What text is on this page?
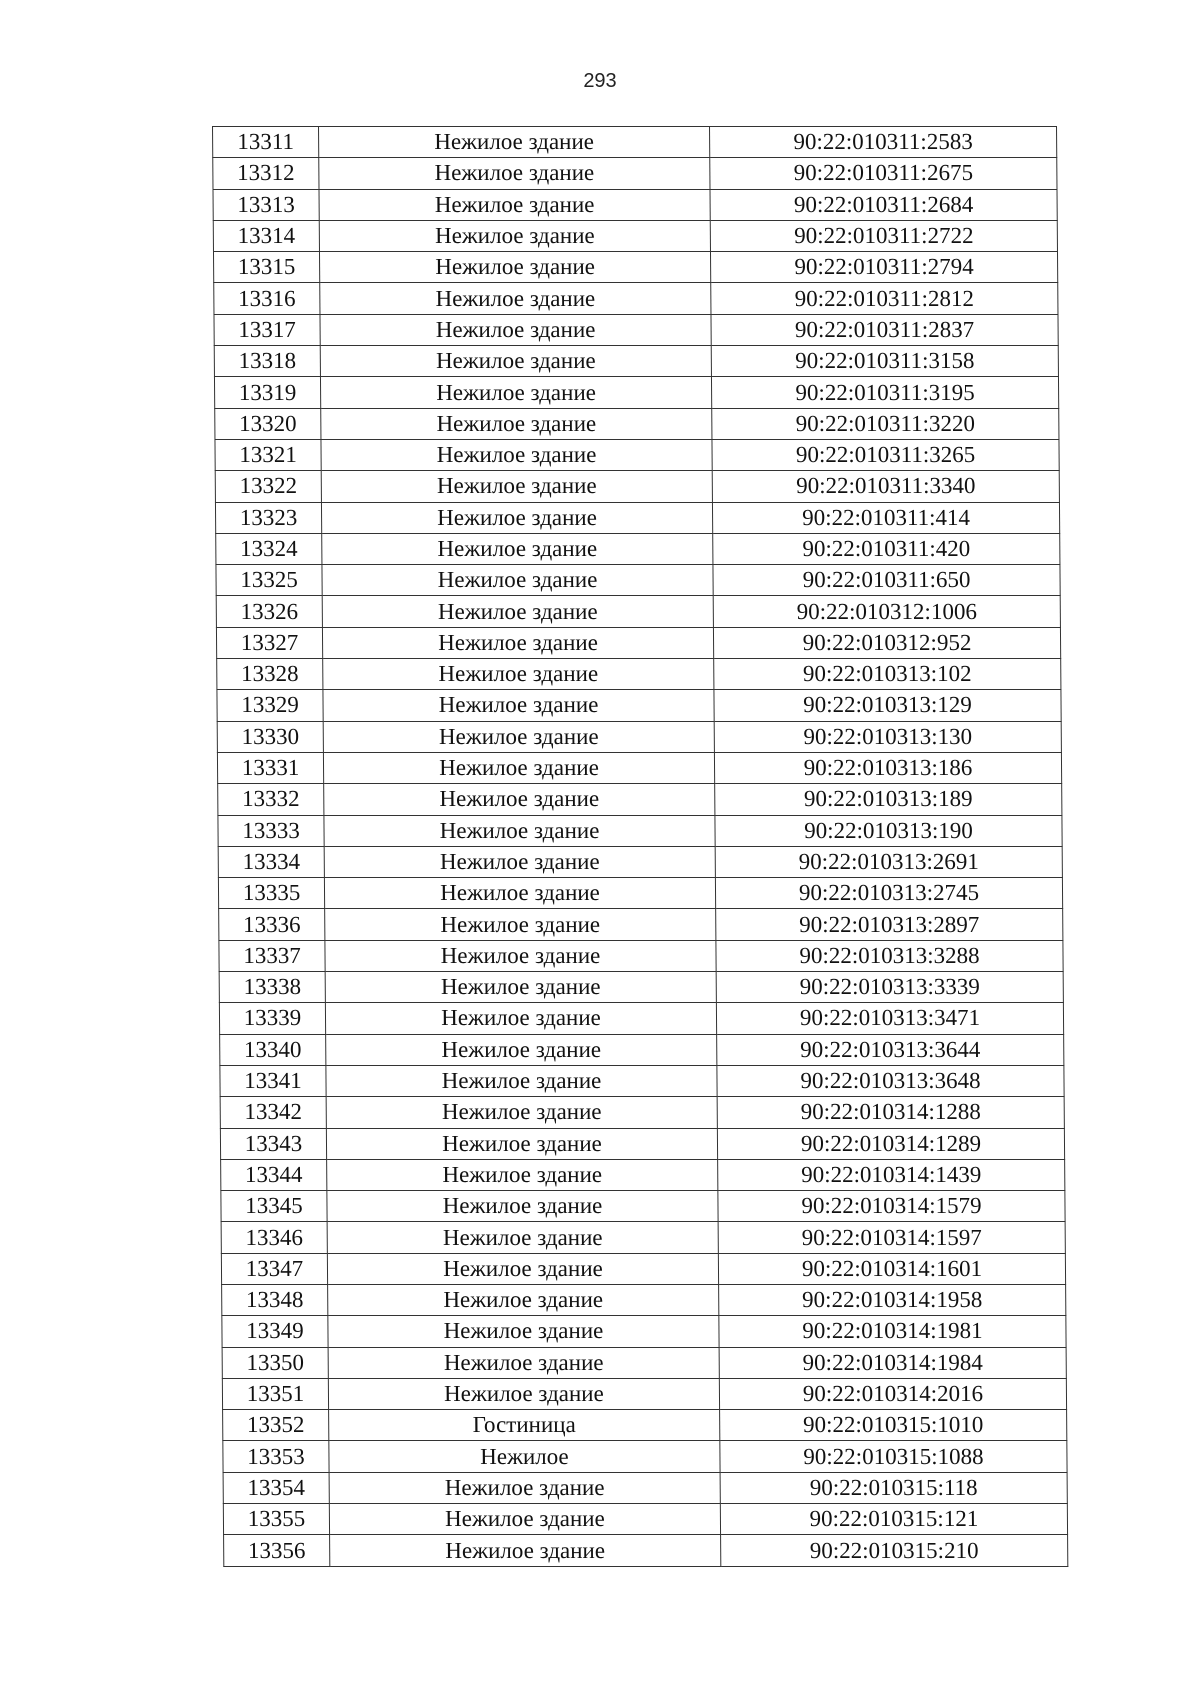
293
13311	Нежилое здание	90:22:010311:2583
13312	Нежилое здание	90:22:010311:2675
13313	Нежилое здание	90:22:010311:2684
13314	Нежилое здание	90:22:010311:2722
13315	Нежилое здание	90:22:010311:2794
13316	Нежилое здание	90:22:010311:2812
13317	Нежилое здание	90:22:010311:2837
13318	Нежилое здание	90:22:010311:3158
13319	Нежилое здание	90:22:010311:3195
13320	Нежилое здание	90:22:010311:3220
13321	Нежилое здание	90:22:010311:3265
13322	Нежилое здание	90:22:010311:3340
13323	Нежилое здание	90:22:010311:414
13324	Нежилое здание	90:22:010311:420
13325	Нежилое здание	90:22:010311:650
13326	Нежилое здание	90:22:010312:1006
13327	Нежилое здание	90:22:010312:952
13328	Нежилое здание	90:22:010313:102
13329	Нежилое здание	90:22:010313:129
13330	Нежилое здание	90:22:010313:130
13331	Нежилое здание	90:22:010313:186
13332	Нежилое здание	90:22:010313:189
13333	Нежилое здание	90:22:010313:190
13334	Нежилое здание	90:22:010313:2691
13335	Нежилое здание	90:22:010313:2745
13336	Нежилое здание	90:22:010313:2897
13337	Нежилое здание	90:22:010313:3288
13338	Нежилое здание	90:22:010313:3339
13339	Нежилое здание	90:22:010313:3471
13340	Нежилое здание	90:22:010313:3644
13341	Нежилое здание	90:22:010313:3648
13342	Нежилое здание	90:22:010314:1288
13343	Нежилое здание	90:22:010314:1289
13344	Нежилое здание	90:22:010314:1439
13345	Нежилое здание	90:22:010314:1579
13346	Нежилое здание	90:22:010314:1597
13347	Нежилое здание	90:22:010314:1601
13348	Нежилое здание	90:22:010314:1958
13349	Нежилое здание	90:22:010314:1981
13350	Нежилое здание	90:22:010314:1984
13351	Нежилое здание	90:22:010314:2016
13352	Гостиница	90:22:010315:1010
13353	Нежилое	90:22:010315:1088
13354	Нежилое здание	90:22:010315:118
13355	Нежилое здание	90:22:010315:121
13356	Нежилое здание	90:22:010315:210
